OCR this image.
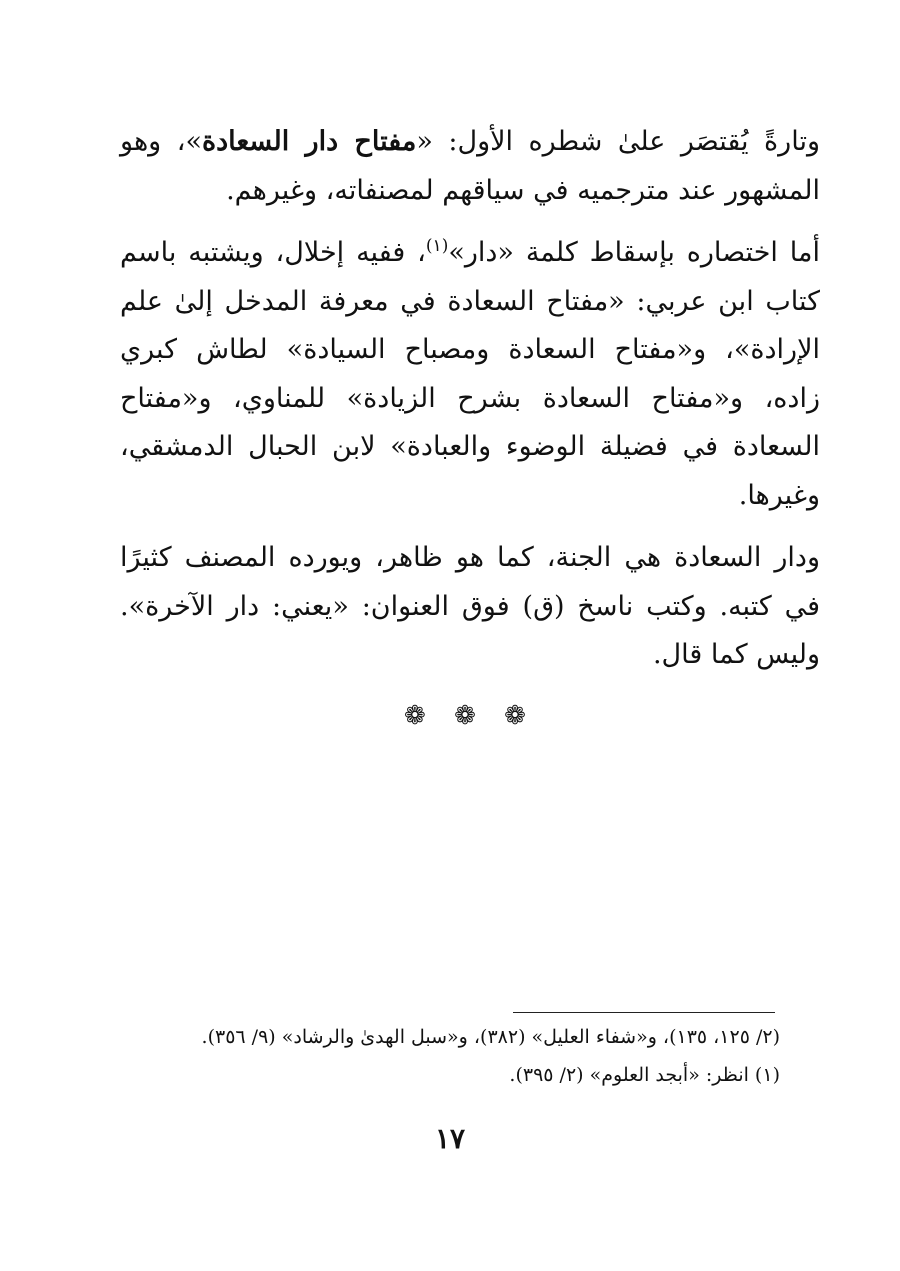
وتارةً يُقتصَر علىٰ شطره الأول: «مفتاح دار السعادة»، وهو المشهور عند مترجميه في سياقهم لمصنفاته، وغيرهم.

أما اختصاره بإسقاط كلمة «دار»$^{(١)}$، ففيه إخلال، ويشتبه باسم كتاب ابن عربي: «مفتاح السعادة في معرفة المدخل إلىٰ علم الإرادة»، و«مفتاح السعادة ومصباح السيادة» لطاش كبري زاده، و«مفتاح السعادة بشرح الزيادة» للمناوي، و«مفتاح السعادة في فضيلة الوضوء والعبادة» لابن الحبال الدمشقي، وغيرها.

ودار السعادة هي الجنة، كما هو ظاهر، ويورده المصنف كثيرًا في كتبه. وكتب ناسخ (ق) فوق العنوان: «يعني: دار الآخرة». وليس كما قال.

❁ ❁ ❁

(٢/ ١٢٥، ١٣٥)، و«شفاء العليل» (٣٨٢)، و«سبل الهدىٰ والرشاد» (٩/ ٣٥٦).

(١) انظر: «أبجد العلوم» (٢/ ٣٩٥).

١٧
